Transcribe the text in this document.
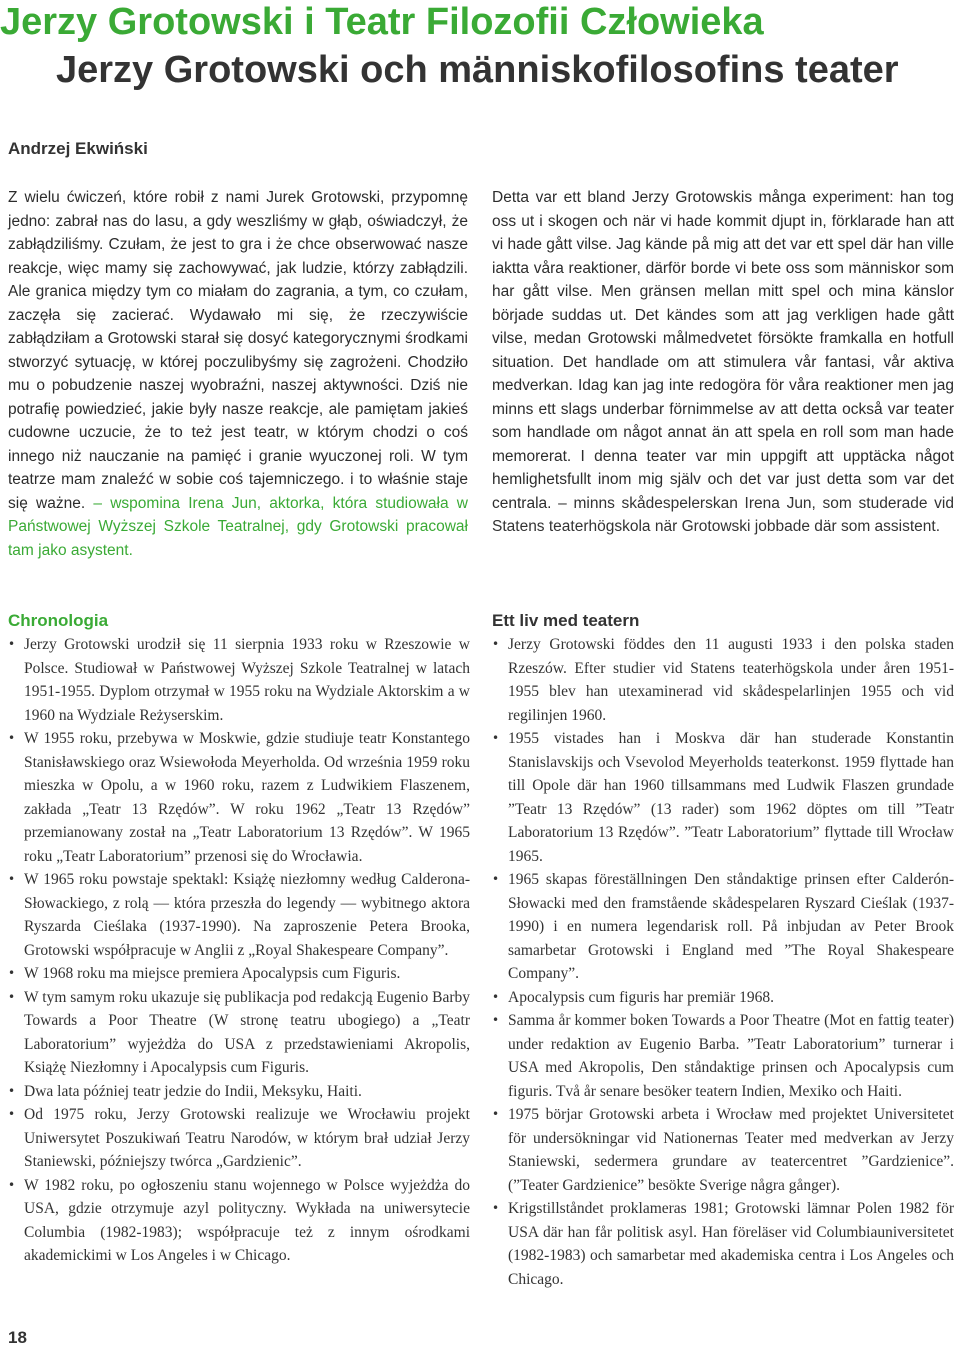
Jerzy Grotowski i Teatr Filozofii Człowieka
Jerzy Grotowski och människofilosofins teater

Andrzej Ekwiński

Z wielu ćwiczeń, które robił z nami Jurek Grotowski, przypomnę jedno: zabrał nas do lasu, a gdy weszliśmy w głąb, oświadczył, że zabłądziliśmy. Czułam, że jest to gra i że chce obserwować nasze reakcje, więc mamy się zachowywać, jak ludzie, którzy zabłądzili. Ale granica między tym co miałam do zagrania, a tym, co czułam, zaczęła się zacierać. Wydawało mi się, że rzeczywiście zabłądziłam a Grotowski starał się dosyć kategorycznymi środkami stworzyć sytuację, w której poczulibyśmy się zagrożeni. Chodziło mu o pobudzenie naszej wyobraźni, naszej aktywności. Dziś nie potrafię powiedzieć, jakie były nasze reakcje, ale pamiętam jakieś cudowne uczucie, że to też jest teatr, w którym chodzi o coś innego niż nauczanie na pamięć i granie wyuczonej roli. W tym teatrze mam znaleźć w sobie coś tajemniczego. i to właśnie staje się ważne. – wspomina Irena Jun, aktorka, która studiowała w Państwowej Wyższej Szkole Teatralnej, gdy Grotowski pracował tam jako asystent.

Detta var ett bland Jerzy Grotowskis många experiment: han tog oss ut i skogen och när vi hade kommit djupt in, förklarade han att vi hade gått vilse. Jag kände på mig att det var ett spel där han ville iaktta våra reaktioner, därför borde vi bete oss som människor som har gått vilse. Men gränsen mellan mitt spel och mina känslor började suddas ut. Det kändes som att jag verkligen hade gått vilse, medan Grotowski målmedvetet försökte framkalla en hotfull situation. Det handlade om att stimulera vår fantasi, vår aktiva medverkan. Idag kan jag inte redogöra för våra reaktioner men jag minns ett slags underbar förnimmelse av att detta också var teater som handlade om något annat än att spela en roll som man hade memorerat. I denna teater var min uppgift att upptäcka något hemlighetsfullt inom mig själv och det var just detta som var det centrala. – minns skådespelerskan Irena Jun, som studerade vid Statens teaterhögskola när Grotowski jobbade där som assistent.

Chronologia	Ett liv med teatern
• Jerzy Grotowski urodził się 11 sierpnia 1933 roku w Rzeszowie w Polsce. Studiował w Państwowej Wyższej Szkole Teatralnej w latach 1951-1955. Dyplom otrzymał w 1955 roku na Wydziale Aktorskim a w 1960 na Wydziale Reżyserskim.
• W 1955 roku, przebywa w Moskwie, gdzie studiuje teatr Konstantego Stanisławskiego oraz Wsiewołoda Meyerholda. Od września 1959 roku mieszka w Opolu, a w 1960 roku, razem z Ludwikiem Flaszenem, zakłada „Teatr 13 Rzędów”. W roku 1962 „Teatr 13 Rzędów” przemianowany został na „Teatr Laboratorium 13 Rzędów”. W 1965 roku „Teatr Laboratorium” przenosi się do Wrocławia.
• W 1965 roku powstaje spektakl: Książę niezłomny według Calderona-Słowackiego, z rolą — która przeszła do legendy — wybitnego aktora Ryszarda Cieślaka (1937-1990). Na zaproszenie Petera Brooka, Grotowski współpracuje w Anglii z „Royal Shakespeare Company”.
• W 1968 roku ma miejsce premiera Apocalypsis cum Figuris.
• W tym samym roku ukazuje się publikacja pod redakcją Eugenio Barby Towards a Poor Theatre (W stronę teatru ubogiego) a „Teatr Laboratorium” wyjeżdża do USA z przedstawieniami Akropolis, Książę Niezłomny i Apocalypsis cum Figuris.
• Dwa lata później teatr jedzie do Indii, Meksyku, Haiti.
• Od 1975 roku, Jerzy Grotowski realizuje we Wrocławiu projekt Uniwersytet Poszukiwań Teatru Narodów, w którym brał udział Jerzy Staniewski, późniejszy twórca „Gardzienic”.
• W 1982 roku, po ogłoszeniu stanu wojennego w Polsce wyjeżdża do USA, gdzie otrzymuje azyl polityczny. Wykłada na uniwersytecie Columbia (1982-1983); współpracuje też z innym ośrodkami akademickimi w Los Angeles i w Chicago.
• Jerzy Grotowski föddes den 11 augusti 1933 i den polska staden Rzeszów. Efter studier vid Statens teaterhögskola under åren 1951-1955 blev han utexaminerad vid skådespelarlinjen 1955 och vid regilinjen 1960.
• 1955 vistades han i Moskva där han studerade Konstantin Stanislavskijs och Vsevolod Meyerholds teaterkonst. 1959 flyttade han till Opole där han 1960 tillsammans med Ludwik Flaszen grundade ”Teatr 13 Rzędów” (13 rader) som 1962 döptes om till ”Teatr Laboratorium 13 Rzędów”. ”Teatr Laboratorium” flyttade till Wrocław 1965.
• 1965 skapas föreställningen Den ståndaktige prinsen efter Calderón-Słowacki med den framstående skådespelaren Ryszard Cieślak (1937-1990) i en numera legendarisk roll. På inbjudan av Peter Brook samarbetar Grotowski i England med ”The Royal Shakespeare Company”.
• Apocalypsis cum figuris har premiär 1968.
• Samma år kommer boken Towards a Poor Theatre (Mot en fattig teater) under redaktion av Eugenio Barba. ”Teatr Laboratorium” turnerar i USA med Akropolis, Den ståndaktige prinsen och Apocalypsis cum figuris. Två år senare besöker teatern Indien, Mexiko och Haiti.
• 1975 börjar Grotowski arbeta i Wrocław med projektet Universitetet för undersökningar vid Nationernas Teater med medverkan av Jerzy Staniewski, sedermera grundare av teatercentret ”Gardzienice”. (”Teater Gardzienice” besökte Sverige några gånger).
• Krigstillståndet proklameras 1981; Grotowski lämnar Polen 1982 för USA där han får politisk asyl. Han föreläser vid Columbiauniversitetet (1982-1983) och samarbetar med akademiska centra i Los Angeles och Chicago.
18
